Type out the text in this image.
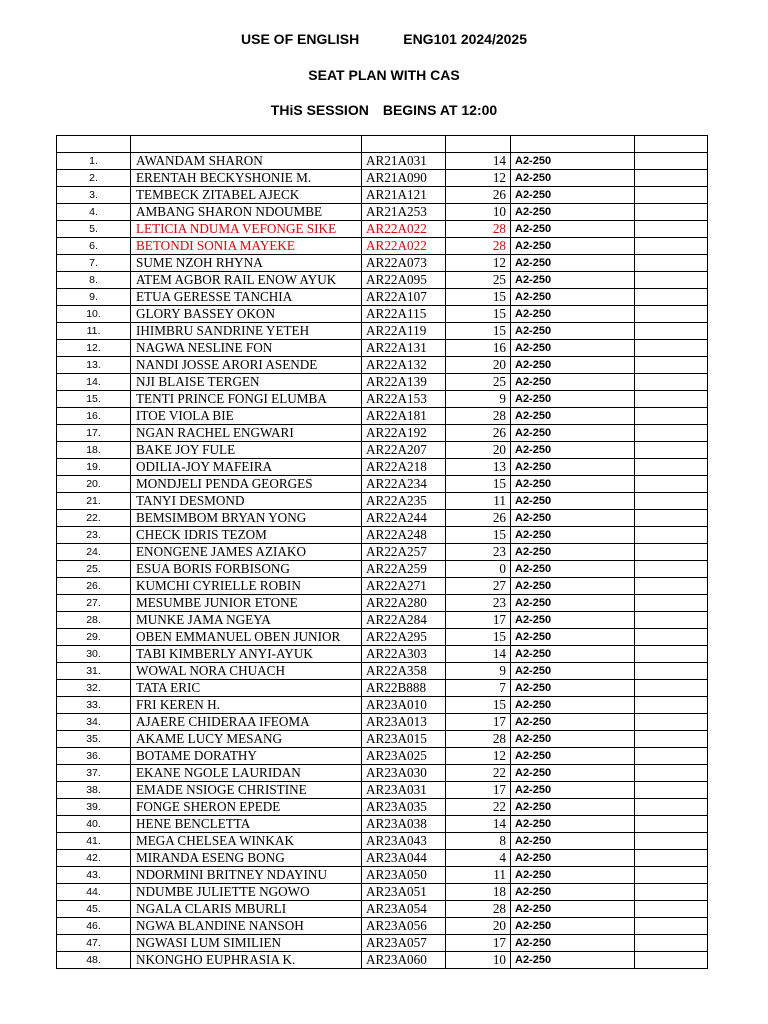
USE OF ENGLISH	ENG101 2024/2025
SEAT PLAN WITH CAS
THiS SESSION BEGINS AT 12:00

1.	AWANDAM SHARON	AR21A031	14	A2-250	
2.	ERENTAH BECKYSHONIE M.	AR21A090	12	A2-250	
3.	TEMBECK ZITABEL AJECK	AR21A121	26	A2-250	
4.	AMBANG SHARON NDOUMBE	AR21A253	10	A2-250	
5.	LETICIA NDUMA VEFONGE SIKE	AR22A022	28	A2-250	
6.	BETONDI SONIA MAYEKE	AR22A022	28	A2-250	
7.	SUME NZOH RHYNA	AR22A073	12	A2-250	
8.	ATEM AGBOR RAIL ENOW AYUK	AR22A095	25	A2-250	
9.	ETUA GERESSE TANCHIA	AR22A107	15	A2-250	
10.	GLORY BASSEY OKON	AR22A115	15	A2-250	
11.	IHIMBRU SANDRINE YETEH	AR22A119	15	A2-250	
12.	NAGWA NESLINE FON	AR22A131	16	A2-250	
13.	NANDI JOSSE ARORI ASENDE	AR22A132	20	A2-250	
14.	NJI BLAISE TERGEN	AR22A139	25	A2-250	
15.	TENTI PRINCE FONGI ELUMBA	AR22A153	9	A2-250	
16.	ITOE VIOLA BIE	AR22A181	28	A2-250	
17.	NGAN RACHEL ENGWARI	AR22A192	26	A2-250	
18.	BAKE JOY FULE	AR22A207	20	A2-250	
19.	ODILIA-JOY MAFEIRA	AR22A218	13	A2-250	
20.	MONDJELI PENDA GEORGES	AR22A234	15	A2-250	
21.	TANYI DESMOND	AR22A235	11	A2-250	
22.	BEMSIMBOM BRYAN YONG	AR22A244	26	A2-250	
23.	CHECK IDRIS TEZOM	AR22A248	15	A2-250	
24.	ENONGENE JAMES AZIAKO	AR22A257	23	A2-250	
25.	ESUA BORIS FORBISONG	AR22A259	0	A2-250	
26.	KUMCHI CYRIELLE ROBIN	AR22A271	27	A2-250	
27.	MESUMBE JUNIOR ETONE	AR22A280	23	A2-250	
28.	MUNKE JAMA NGEYA	AR22A284	17	A2-250	
29.	OBEN EMMANUEL OBEN JUNIOR	AR22A295	15	A2-250	
30.	TABI KIMBERLY ANYI-AYUK	AR22A303	14	A2-250	
31.	WOWAL NORA CHUACH	AR22A358	9	A2-250	
32.	TATA ERIC	AR22B888	7	A2-250	
33.	FRI KEREN H.	AR23A010	15	A2-250	
34.	AJAERE CHIDERAA IFEOMA	AR23A013	17	A2-250	
35.	AKAME LUCY MESANG	AR23A015	28	A2-250	
36.	BOTAME DORATHY	AR23A025	12	A2-250	
37.	EKANE NGOLE LAURIDAN	AR23A030	22	A2-250	
38.	EMADE NSIOGE CHRISTINE	AR23A031	17	A2-250	
39.	FONGE SHERON EPEDE	AR23A035	22	A2-250	
40.	HENE BENCLETTA	AR23A038	14	A2-250	
41.	MEGA CHELSEA WINKAK	AR23A043	8	A2-250	
42.	MIRANDA ESENG BONG	AR23A044	4	A2-250	
43.	NDORMINI BRITNEY NDAYINU	AR23A050	11	A2-250	
44.	NDUMBE JULIETTE NGOWO	AR23A051	18	A2-250	
45.	NGALA CLARIS MBURLI	AR23A054	28	A2-250	
46.	NGWA BLANDINE NANSOH	AR23A056	20	A2-250	
47.	NGWASI LUM SIMILIEN	AR23A057	17	A2-250	
48.	NKONGHO EUPHRASIA K.	AR23A060	10	A2-250	
